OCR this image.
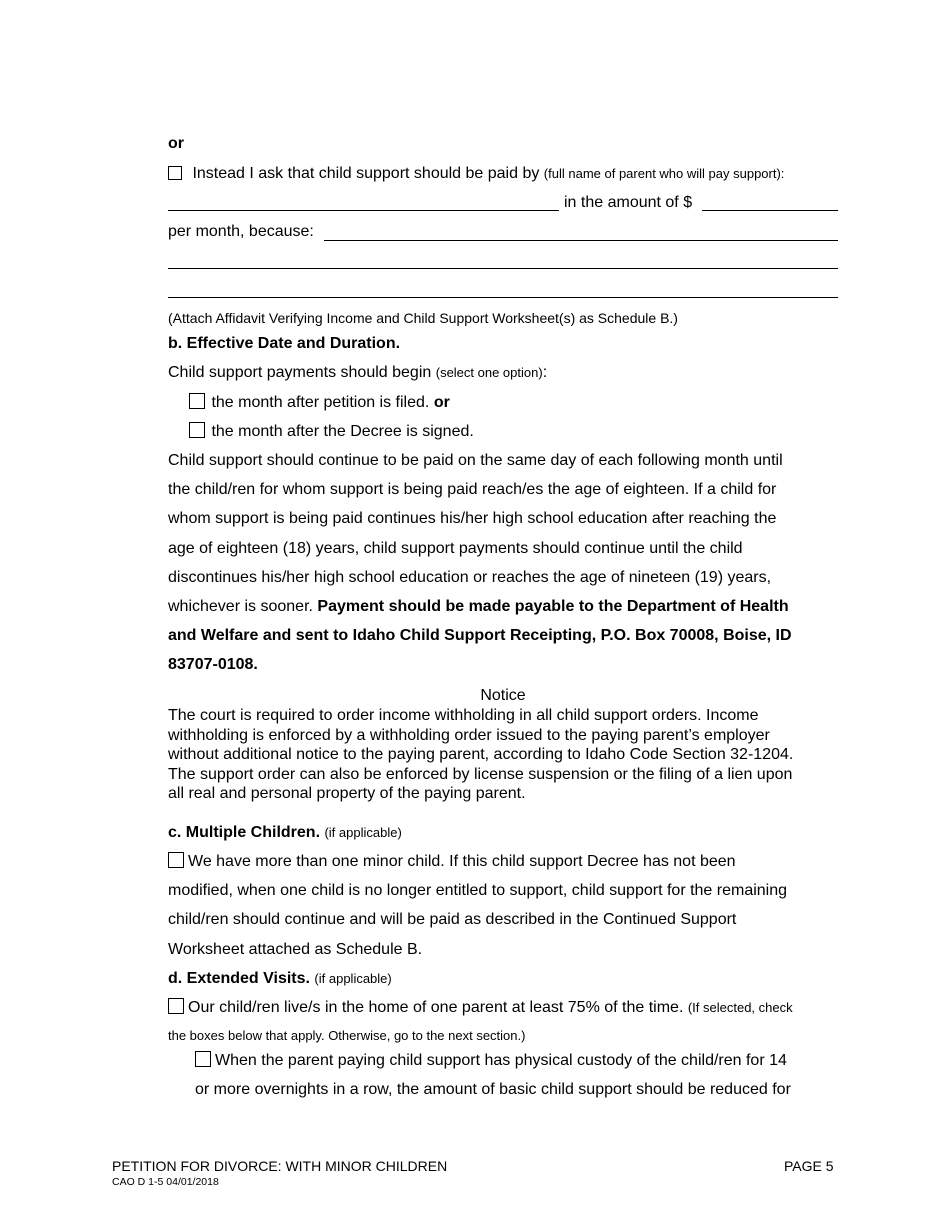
or
Instead I ask that child support should be paid by (full name of parent who will pay support):
in the amount of $
per month, because:
(Attach Affidavit Verifying Income and Child Support Worksheet(s) as Schedule B.)
b. Effective Date and Duration.
Child support payments should begin (select one option):
the month after petition is filed. or
the month after the Decree is signed.
Child support should continue to be paid on the same day of each following month until
the child/ren for whom support is being paid reach/es the age of eighteen. If a child for
whom support is being paid continues his/her high school education after reaching the
age of eighteen (18) years, child support payments should continue until the child
discontinues his/her high school education or reaches the age of nineteen (19) years,
whichever is sooner. Payment should be made payable to the Department of Health
and Welfare and sent to Idaho Child Support Receipting, P.O. Box 70008, Boise, ID
83707-0108.
Notice
The court is required to order income withholding in all child support orders. Income
withholding is enforced by a withholding order issued to the paying parent’s employer
without additional notice to the paying parent, according to Idaho Code Section 32-1204.
The support order can also be enforced by license suspension or the filing of a lien upon
all real and personal property of the paying parent.
c. Multiple Children. (if applicable)
We have more than one minor child. If this child support Decree has not been
modified, when one child is no longer entitled to support, child support for the remaining
child/ren should continue and will be paid as described in the Continued Support
Worksheet attached as Schedule B.
d. Extended Visits. (if applicable)
Our child/ren live/s in the home of one parent at least 75% of the time. (If selected, check
the boxes below that apply. Otherwise, go to the next section.)
When the parent paying child support has physical custody of the child/ren for 14
or more overnights in a row, the amount of basic child support should be reduced for
PETITION FOR DIVORCE: WITH MINOR CHILDREN
CAO D 1-5 04/01/2018
PAGE 5
